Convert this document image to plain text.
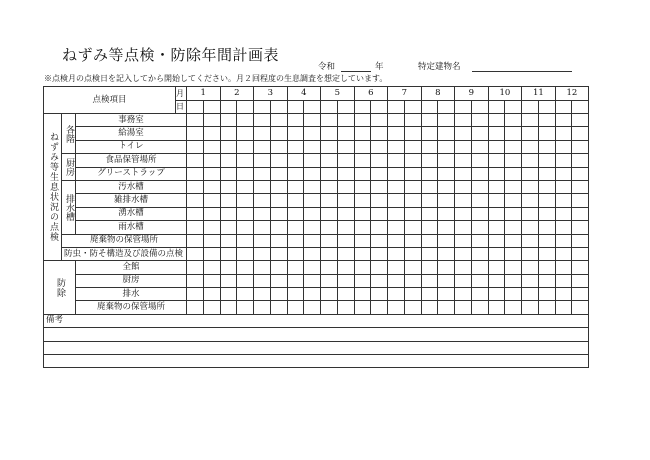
ねずみ等点検・防除年間計画表
令和	年	特定建物名
※点検月の点検日を記入してから開始してください。月２回程度の生息調査を想定しています。
点検項目			月	1		2		3		4		5		6		7		8		9		10		11		12	
			日																								
ねずみ等生息状況の点検	各階	事務室																									
		給湯室																									
		トイレ																									
	厨房	食品保管場所																									
		グリーストラップ																									
	排水槽	汚水槽																									
		雑排水槽																									
		湧水槽																									
		雨水槽																									
	廃棄物の保管場所																										
	防虫・防そ構造及び設備の点検																										
防除		全館																									
		厨房																									
		排水																									
		廃棄物の保管場所																									
備考																											
